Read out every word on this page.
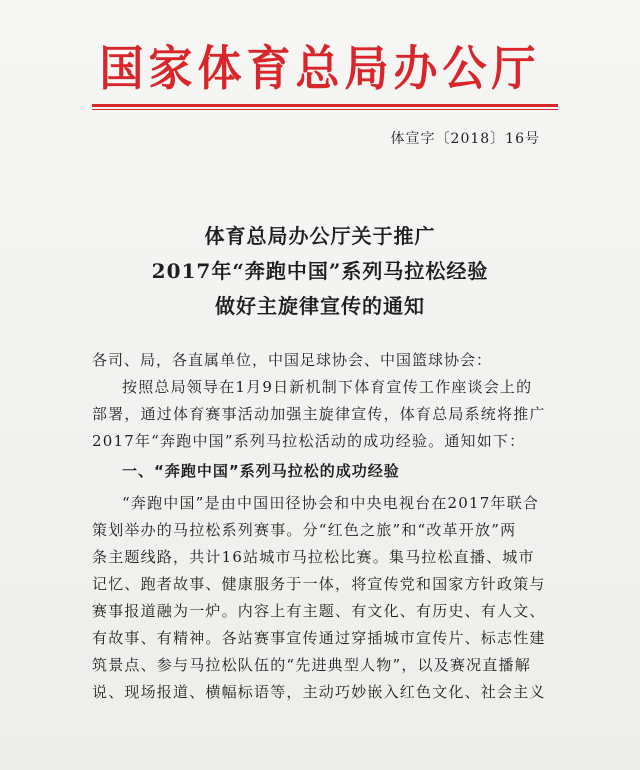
国家体育总局办公厅
体宣字〔2018〕16号
体育总局办公厅关于推广
2017年“奔跑中国”系列马拉松经验
做好主旋律宣传的通知
各司、局，各直属单位，中国足球协会、中国篮球协会：
按照总局领导在1月9日新机制下体育宣传工作座谈会上的
部署，通过体育赛事活动加强主旋律宣传，体育总局系统将推广
2017年“奔跑中国”系列马拉松活动的成功经验。通知如下：
一、“奔跑中国”系列马拉松的成功经验
“奔跑中国”是由中国田径协会和中央电视台在2017年联合
策划举办的马拉松系列赛事。分“红色之旅”和“改革开放”两
条主题线路，共计16站城市马拉松比赛。集马拉松直播、城市
记忆、跑者故事、健康服务于一体，将宣传党和国家方针政策与
赛事报道融为一炉。内容上有主题、有文化、有历史、有人文、
有故事、有精神。各站赛事宣传通过穿插城市宣传片、标志性建
筑景点、参与马拉松队伍的“先进典型人物”，以及赛况直播解
说、现场报道、横幅标语等，主动巧妙嵌入红色文化、社会主义
